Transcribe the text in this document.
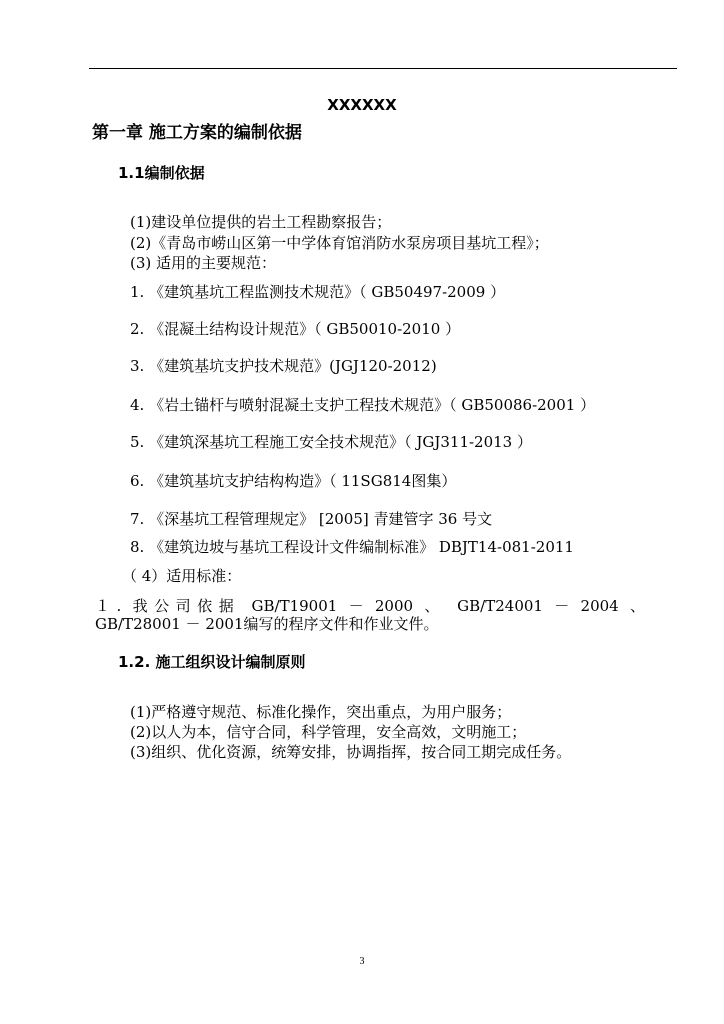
XXXXXX
第一章 施工方案的编制依据
1.1编制依据
(1)建设单位提供的岩土工程勘察报告；
(2)《青岛市崂山区第一中学体育馆消防水泵房项目基坑工程》；
(3) 适用的主要规范：
1. 《建筑基坑工程监测技术规范》（ GB50497-2009 ）
2. 《混凝土结构设计规范》（ GB50010-2010 ）
3. 《建筑基坑支护技术规范》(JGJ120-2012)
4. 《岩土锚杆与喷射混凝土支护工程技术规范》（ GB50086-2001 ）
5. 《建筑深基坑工程施工安全技术规范》（ JGJ311-2013 ）
6. 《建筑基坑支护结构构造》（ 11SG814图集）
7. 《深基坑工程管理规定》 [2005] 青建管字 36 号文
8. 《建筑边坡与基坑工程设计文件编制标准》 DBJT14-081-2011
（ 4）适用标准：
１. 我公司依据 GB/T19001 － 2000 、 GB/T24001 － 2004 、
GB/T28001 － 2001编写的程序文件和作业文件。
1.2. 施工组织设计编制原则
(1)严格遵守规范、标准化操作，突出重点，为用户服务；
(2)以人为本，信守合同，科学管理，安全高效，文明施工；
(3)组织、优化资源，统筹安排，协调指挥，按合同工期完成任务。
3
